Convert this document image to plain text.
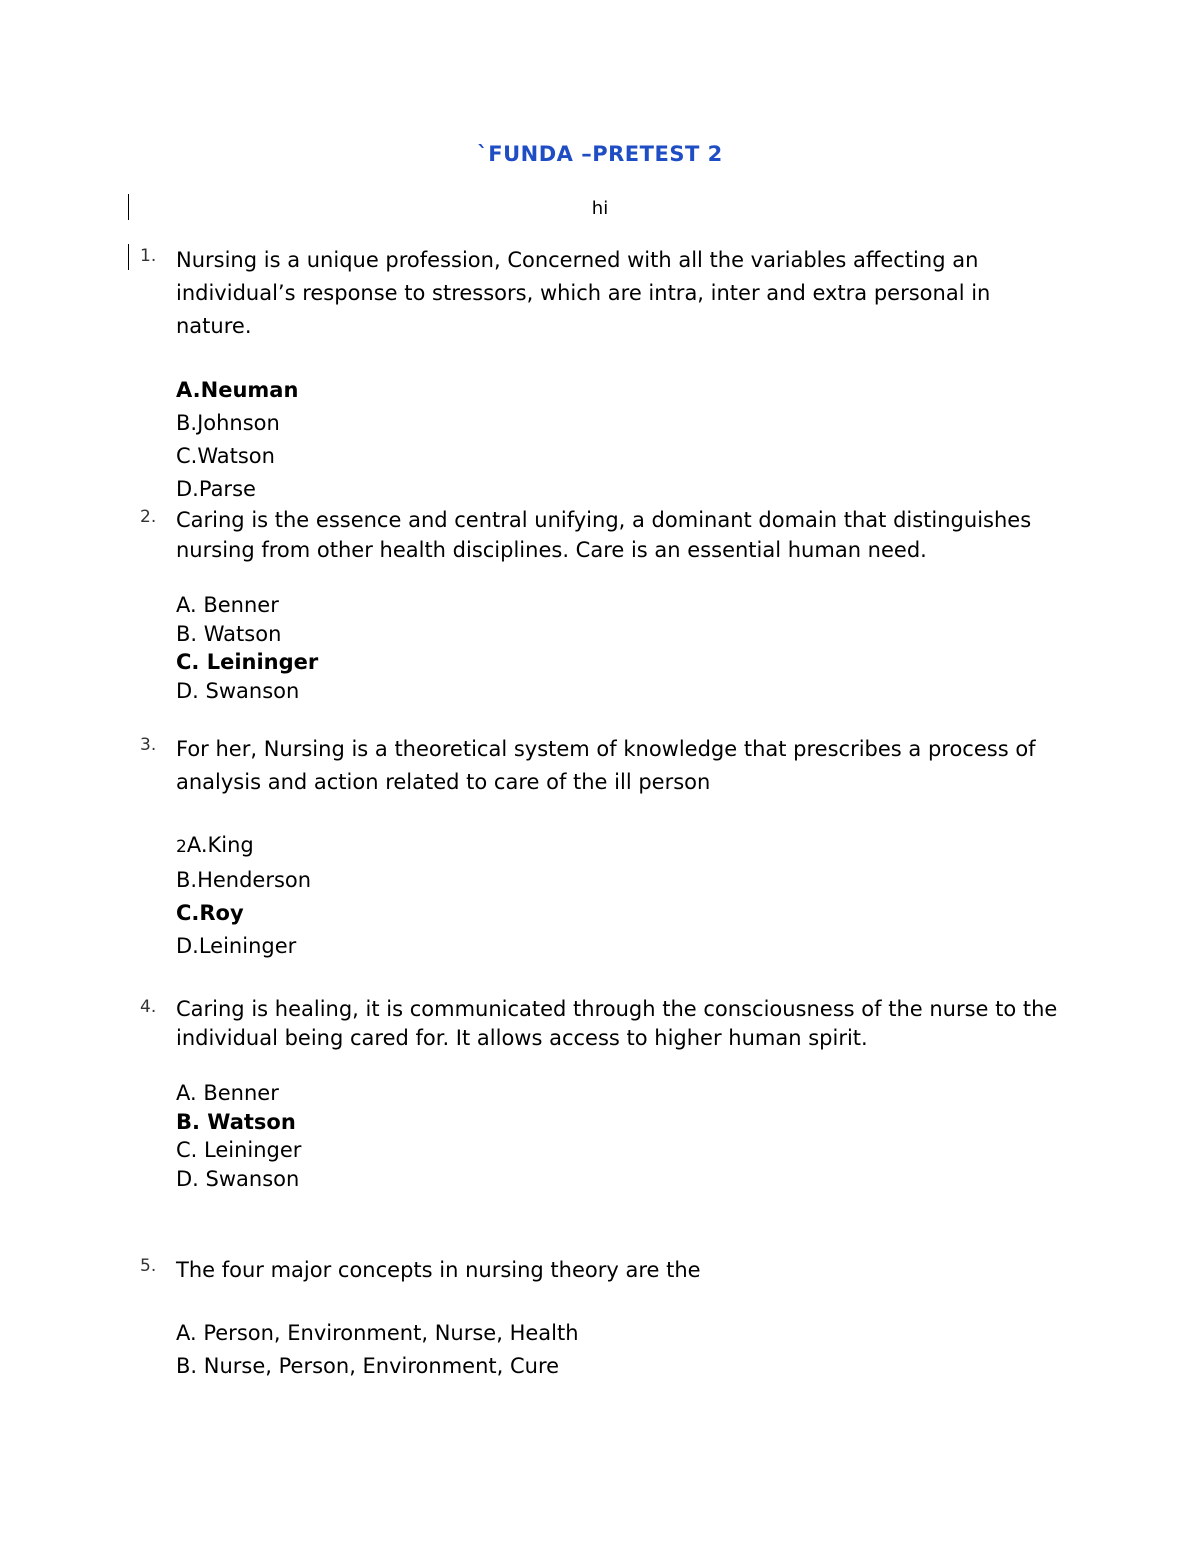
`FUNDA –PRETEST 2
hi
1. Nursing is a unique profession, Concerned with all the variables affecting an individual’s response to stressors, which are intra, inter and extra personal in nature.
A.Neuman
B.Johnson
C.Watson
D.Parse
2. Caring is the essence and central unifying, a dominant domain that distinguishes nursing from other health disciplines. Care is an essential human need.
A. Benner
B. Watson
C. Leininger
D. Swanson
3. For her, Nursing is a theoretical system of knowledge that prescribes a process of analysis and action related to care of the ill person
2A.King
B.Henderson
C.Roy
D.Leininger
4. Caring is healing, it is communicated through the consciousness of the nurse to the individual being cared for. It allows access to higher human spirit.
A. Benner
B. Watson
C. Leininger
D. Swanson
5. The four major concepts in nursing theory are the
A. Person, Environment, Nurse, Health
B. Nurse, Person, Environment, Cure
